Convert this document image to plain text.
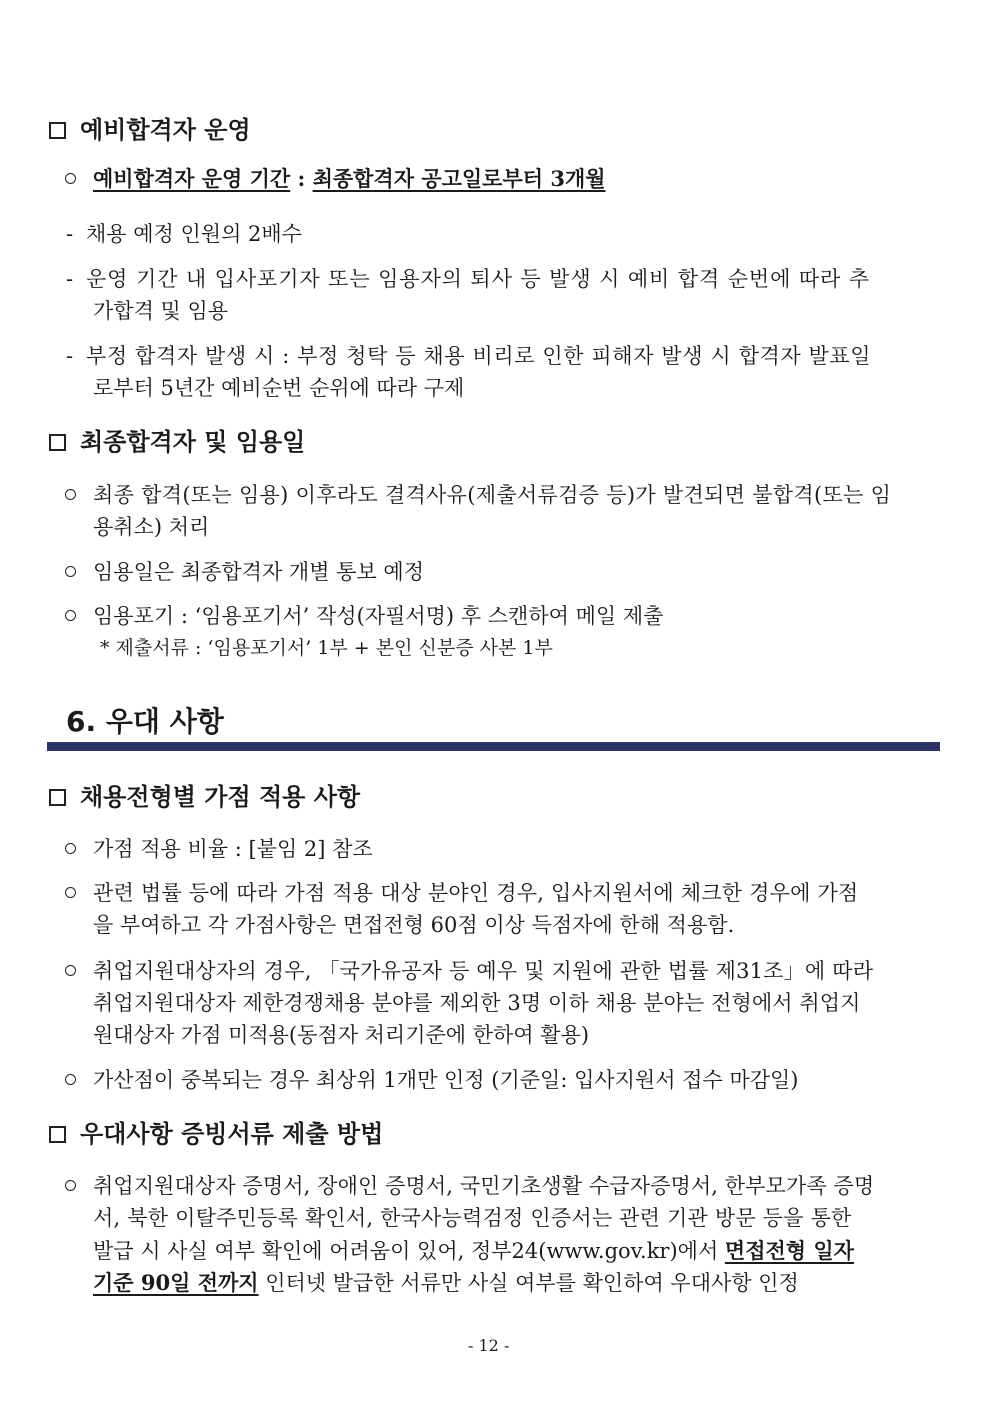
예비합격자 운영
예비합격자 운영 기간 : 최종합격자 공고일로부터 3개월
- 채용 예정 인원의 2배수
- 운영 기간 내 입사포기자 또는 임용자의 퇴사 등 발생 시 예비 합격 순번에 따라 추
가합격 및 임용
- 부정 합격자 발생 시 : 부정 청탁 등 채용 비리로 인한 피해자 발생 시 합격자 발표일
로부터 5년간 예비순번 순위에 따라 구제
최종합격자 및 임용일
최종 합격(또는 임용) 이후라도 결격사유(제출서류검증 등)가 발견되면 불합격(또는 임
용취소) 처리
임용일은 최종합격자 개별 통보 예정
임용포기 : ‘임용포기서’ 작성(자필서명) 후 스캔하여 메일 제출
* 제출서류 : ‘임용포기서’ 1부 + 본인 신분증 사본 1부
6. 우대 사항
채용전형별 가점 적용 사항
가점 적용 비율 : [붙임 2] 참조
관련 법률 등에 따라 가점 적용 대상 분야인 경우, 입사지원서에 체크한 경우에 가점
을 부여하고 각 가점사항은 면접전형 60점 이상 득점자에 한해 적용함.
취업지원대상자의 경우, 「국가유공자 등 예우 및 지원에 관한 법률 제31조」에 따라
취업지원대상자 제한경쟁채용 분야를 제외한 3명 이하 채용 분야는 전형에서 취업지
원대상자 가점 미적용(동점자 처리기준에 한하여 활용)
가산점이 중복되는 경우 최상위 1개만 인정 (기준일: 입사지원서 접수 마감일)
우대사항 증빙서류 제출 방법
취업지원대상자 증명서, 장애인 증명서, 국민기초생활 수급자증명서, 한부모가족 증명
서, 북한 이탈주민등록 확인서, 한국사능력검정 인증서는 관련 기관 방문 등을 통한
발급 시 사실 여부 확인에 어려움이 있어, 정부24(www.gov.kr)에서 면접전형 일자
기준 90일 전까지 인터넷 발급한 서류만 사실 여부를 확인하여 우대사항 인정
- 12 -
